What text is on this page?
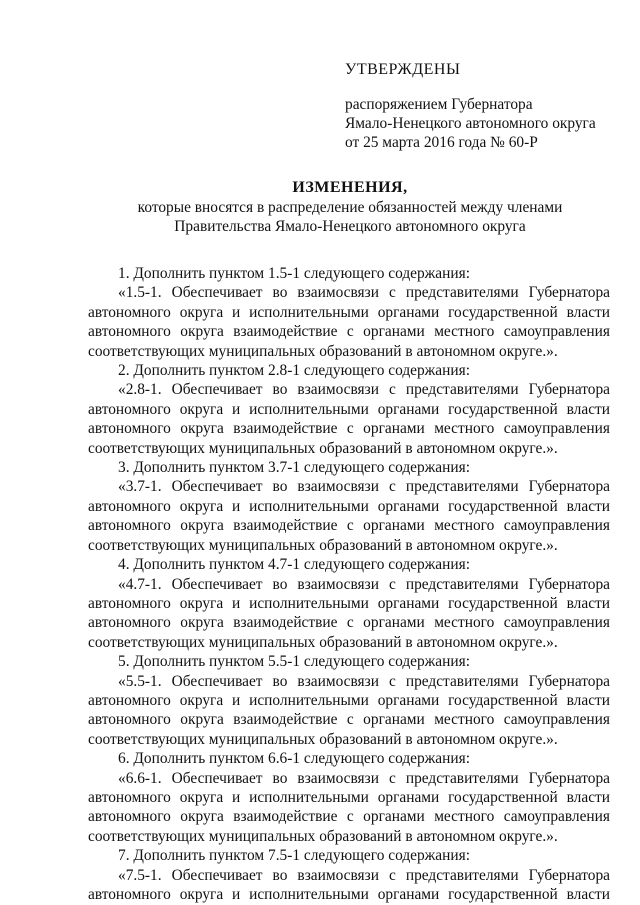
УТВЕРЖДЕНЫ
распоряжением Губернатора
Ямало-Ненецкого автономного округа
от 25 марта 2016 года № 60-Р
ИЗМЕНЕНИЯ,
которые вносятся в распределение обязанностей между членами
Правительства Ямало-Ненецкого автономного округа
1. Дополнить пунктом 1.5-1 следующего содержания:
«1.5-1. Обеспечивает во взаимосвязи с представителями Губернатора автономного округа и исполнительными органами государственной власти автономного округа взаимодействие с органами местного самоуправления соответствующих муниципальных образований в автономном округе.».
2. Дополнить пунктом 2.8-1 следующего содержания:
«2.8-1. Обеспечивает во взаимосвязи с представителями Губернатора автономного округа и исполнительными органами государственной власти автономного округа взаимодействие с органами местного самоуправления соответствующих муниципальных образований в автономном округе.».
3. Дополнить пунктом 3.7-1 следующего содержания:
«3.7-1. Обеспечивает во взаимосвязи с представителями Губернатора автономного округа и исполнительными органами государственной власти автономного округа взаимодействие с органами местного самоуправления соответствующих муниципальных образований в автономном округе.».
4. Дополнить пунктом 4.7-1 следующего содержания:
«4.7-1. Обеспечивает во взаимосвязи с представителями Губернатора автономного округа и исполнительными органами государственной власти автономного округа взаимодействие с органами местного самоуправления соответствующих муниципальных образований в автономном округе.».
5. Дополнить пунктом 5.5-1 следующего содержания:
«5.5-1. Обеспечивает во взаимосвязи с представителями Губернатора автономного округа и исполнительными органами государственной власти автономного округа взаимодействие с органами местного самоуправления соответствующих муниципальных образований в автономном округе.».
6. Дополнить пунктом 6.6-1 следующего содержания:
«6.6-1. Обеспечивает во взаимосвязи с представителями Губернатора автономного округа и исполнительными органами государственной власти автономного округа взаимодействие с органами местного самоуправления соответствующих муниципальных образований в автономном округе.».
7. Дополнить пунктом 7.5-1 следующего содержания:
«7.5-1. Обеспечивает во взаимосвязи с представителями Губернатора автономного округа и исполнительными органами государственной власти
